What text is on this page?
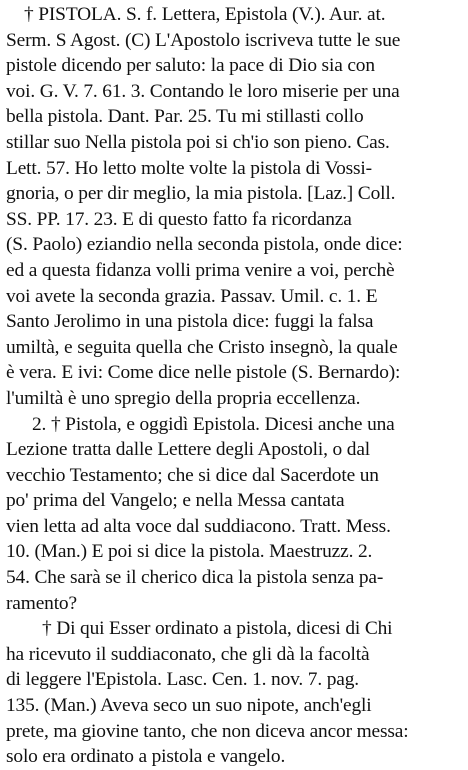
† PISTOLA. S. f. Lettera, Epistola (V.). Aur. at.
Serm. S Agost. (C) L'Apostolo iscriveva tutte le sue
pistole dicendo per saluto: la pace di Dio sia con
voi. G. V. 7. 61. 3. Contando le loro miserie per una
bella pistola. Dant. Par. 25. Tu mi stillasti collo
stillar suo Nella pistola poi si ch'io son pieno. Cas.
Lett. 57. Ho letto molte volte la pistola di Vossi-
gnoria, o per dir meglio, la mia pistola. [Laz.] Coll.
SS. PP. 17. 23. E di questo fatto fa ricordanza
(S. Paolo) eziandio nella seconda pistola, onde dice:
ed a questa fidanza volli prima venire a voi, perchè
voi avete la seconda grazia. Passav. Umil. c. 1. E
Santo Jerolimo in una pistola dice: fuggi la falsa
umiltà, e seguita quella che Cristo insegnò, la quale
è vera. E ivi: Come dice nelle pistole (S. Bernardo):
l'umiltà è uno spregio della propria eccellenza.
2. † Pistola, e oggidì Epistola. Dicesi anche una
Lezione tratta dalle Lettere degli Apostoli, o dal
vecchio Testamento; che si dice dal Sacerdote un
po' prima del Vangelo; e nella Messa cantata
vien letta ad alta voce dal suddiacono. Tratt. Mess.
10. (Man.) E poi si dice la pistola. Maestruzz. 2.
54. Che sarà se il cherico dica la pistola senza pa-
ramento?
† Di qui Esser ordinato a pistola, dicesi di Chi
ha ricevuto il suddiaconato, che gli dà la facoltà
di leggere l'Epistola. Lasc. Cen. 1. nov. 7. pag.
135. (Man.) Aveva seco un suo nipote, anch'egli
prete, ma giovine tanto, che non diceva ancor messa:
solo era ordinato a pistola e vangelo.
